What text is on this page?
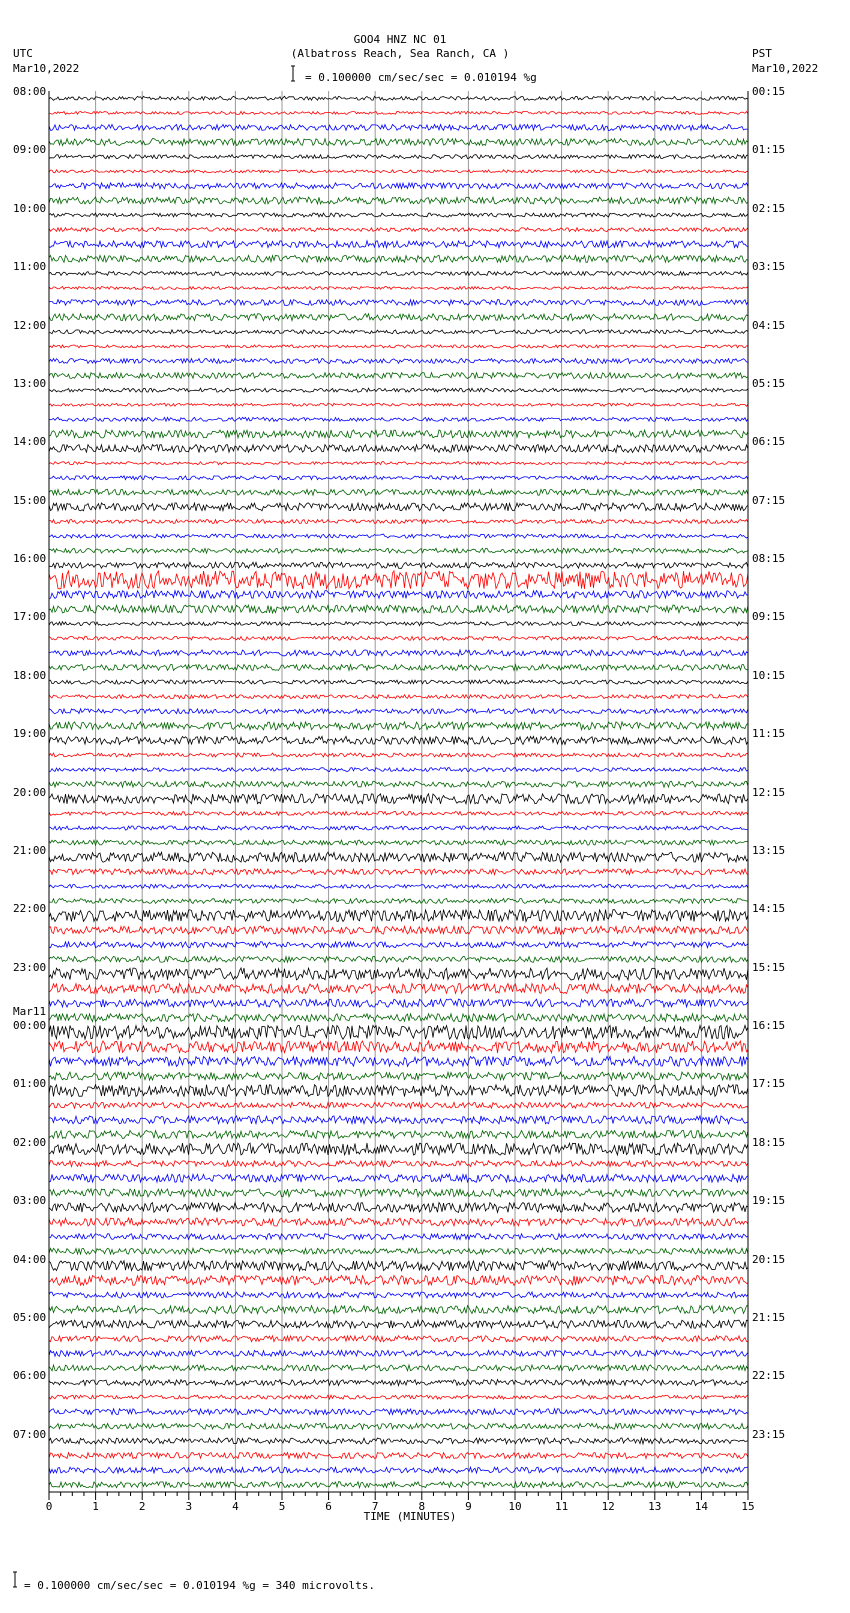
0	1	2	3	4	5	6	7	8	9	10	11	12	13	14	15
GOO4 HNZ NC 01
(Albatross Reach, Sea Ranch, CA )
= 0.100000 cm/sec/sec = 0.010194 %g
UTC
Mar10,2022
PST
Mar10,2022
TIME (MINUTES)
= 0.100000 cm/sec/sec = 0.010194 %g = 340 microvolts.
08:00
09:00
10:00
11:00
12:00
13:00
14:00
15:00
16:00
17:00
18:00
19:00
20:00
21:00
22:00
23:00
00:00
01:00
02:00
03:00
04:00
05:00
06:00
07:00
Mar11
00:15
01:15
02:15
03:15
04:15
05:15
06:15
07:15
08:15
09:15
10:15
11:15
12:15
13:15
14:15
15:15
16:15
17:15
18:15
19:15
20:15
21:15
22:15
23:15
